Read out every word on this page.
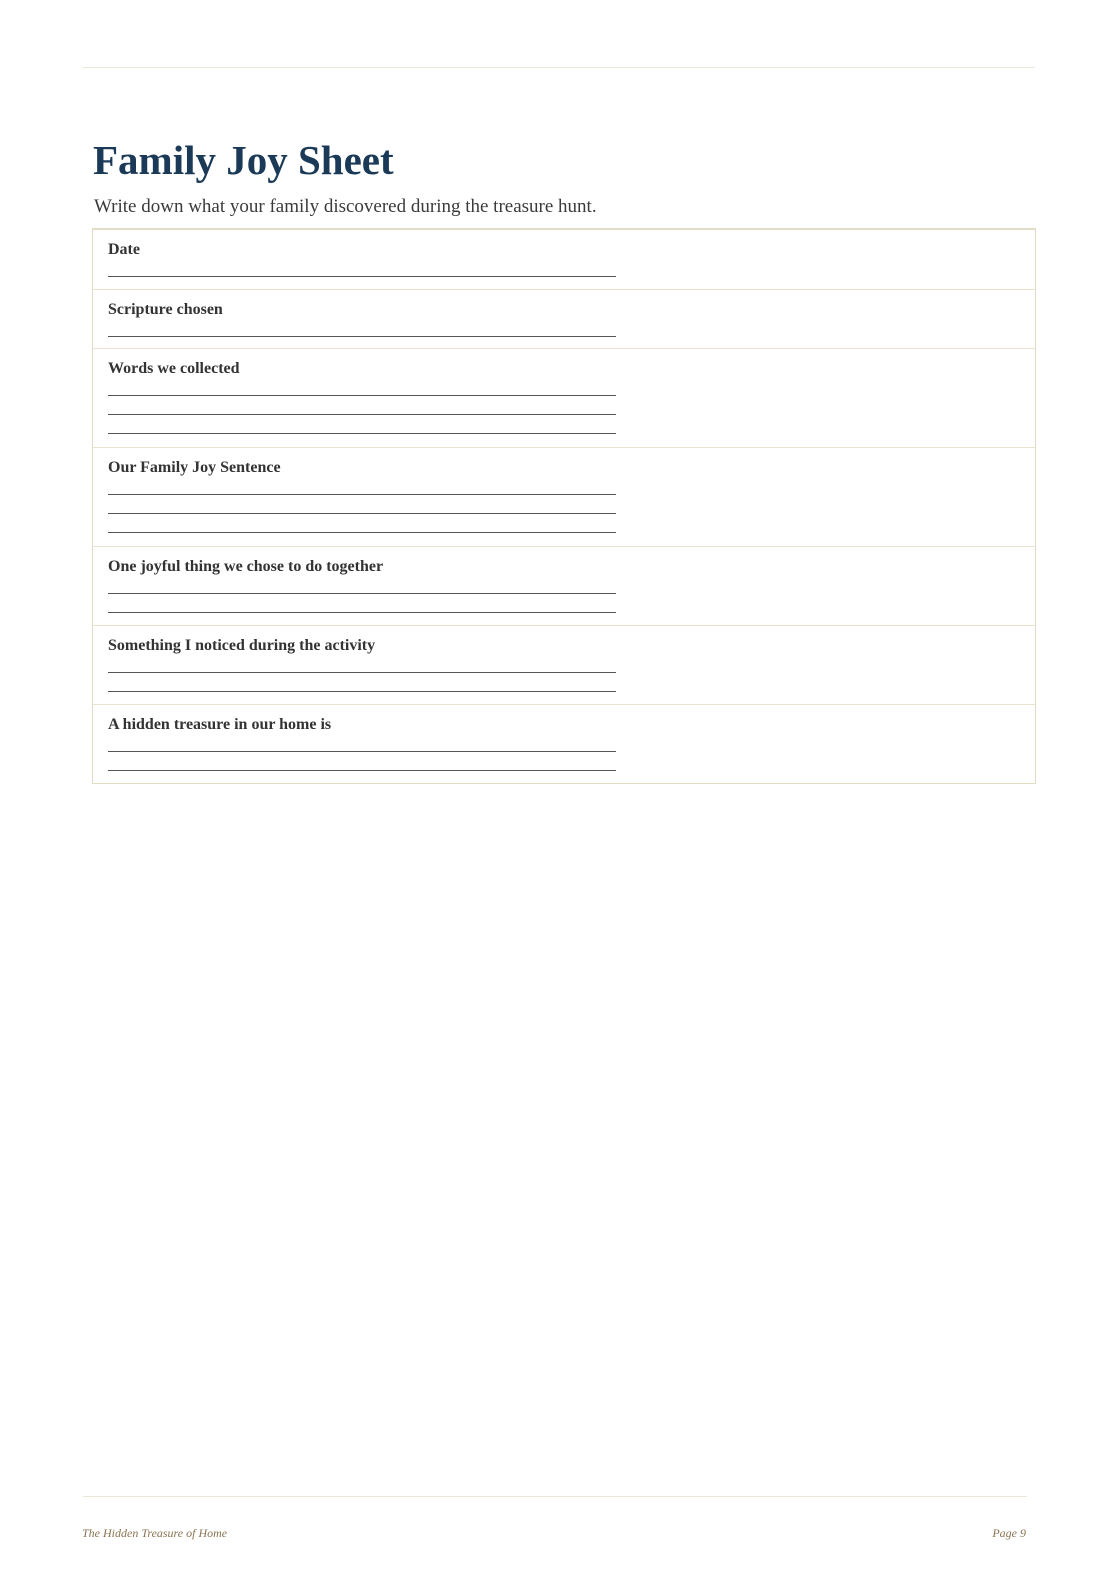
Family Joy Sheet

Write down what your family discovered during the treasure hunt.

Date
Scripture chosen
Words we collected
Our Family Joy Sentence
One joyful thing we chose to do together
Something I noticed during the activity
A hidden treasure in our home is
The Hidden Treasure of Home	Page 9
